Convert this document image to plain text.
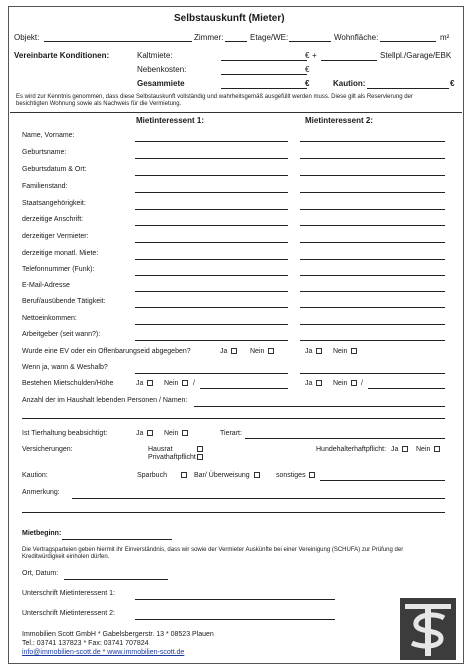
Selbstauskunft (Mieter)
Objekt:	Zimmer:	Etage/WE:	Wohnfläche:	m²
Vereinbarte Konditionen:	Kaltmiete:	€ +	Stellpl./Garage/EBK
Nebenkosten:	€
Gesammiete	€	Kaution:	€
Es wird zur Kenntnis genommen, dass diese Selbstauskunft vollständig und wahrheitsgemäß ausgefüllt werden muss. Diese gilt als Reservierung der
besichtigten Wohnung sowie als Nachweis für die Vermietung.
Mietinteressent 1:	Mietinteressent 2:
Name, Vorname:
Geburtsname:
Geburtsdatum & Ort:
Familienstand:
Staatsangehörigkeit:
derzeitige Anschrift:
derzeitiger Vermieter:
derzeitige monatl. Miete:
Telefonnummer (Funk):
E-Mail-Adresse
Beruf/ausübende Tätigkeit:
Nettoeinkommen:
Arbeitgeber (seit wann?):
Wurde eine EV oder ein Offenbarungseid abgegeben?	Ja	Nein	Ja	Nein
Wenn ja, wann & Weshalb?
Bestehen Mietschulden/Höhe	Ja	Nein /	Ja	Nein /
Anzahl der im Haushalt lebenden Personen / Namen:
Ist Tierhaltung beabsichtigt:	Ja	Nein	Tierart:
Versicherungen:	Hausrat
Privathaftpflicht
Hundehalterhaftpflicht: Ja	Nein
Kaution:	Sparbuch	Bar/ Überweisung	sonstiges
Anmerkung:
Mietbeginn:
Die Vertragsparteien geben hiermit ihr Einverständnis, dass wir sowie der Vermieter Auskünfte bei einer Vereinigung (SCHUFA) zur Prüfung der
Kreditwürdigkeit einholen dürfen.
Ort, Datum:
Unterschrift Mietinteressent 1:
Unterschrift Mietinteressent 2:
Immobilien Scott GmbH * Gabelsbergerstr. 13 * 08523 Plauen
Tel.: 03741 137823 * Fax: 03741 707824
info@immobilien-scott.de * www.immobilien-scott.de
